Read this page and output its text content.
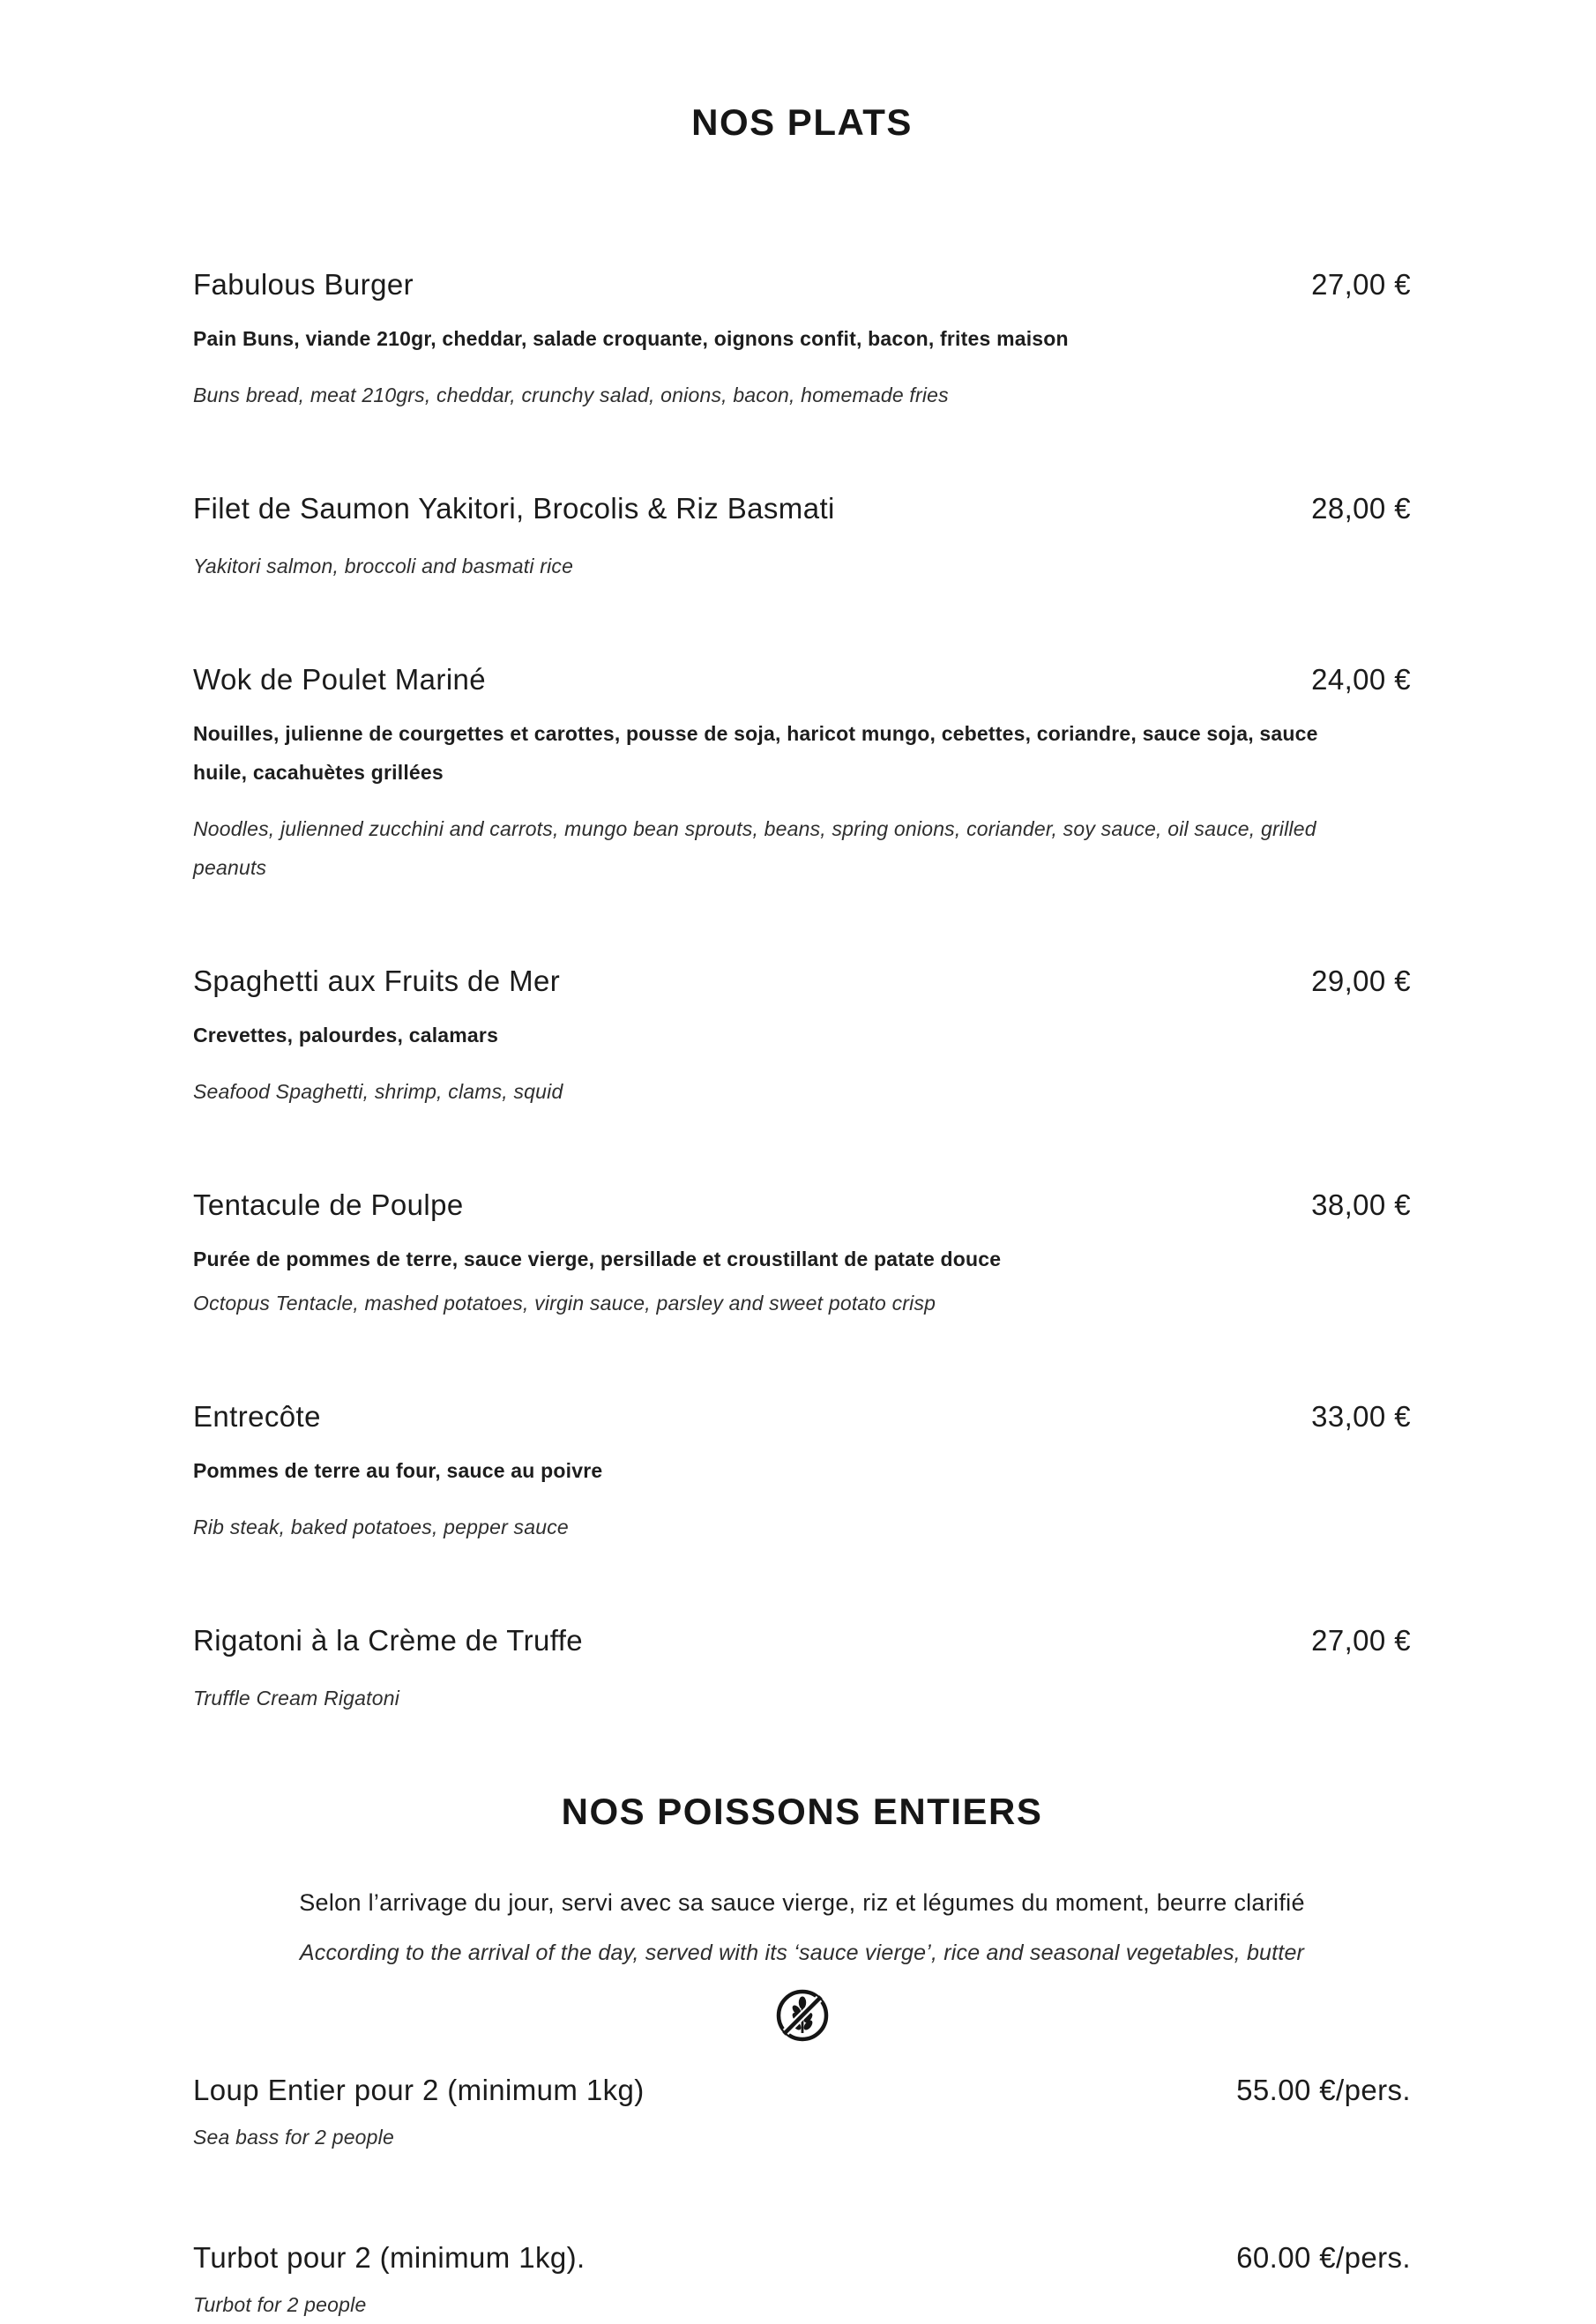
NOS PLATS
Fabulous Burger	27,00 €

Pain Buns, viande 210gr, cheddar, salade croquante, oignons confit, bacon, frites maison

Buns bread, meat 210grs, cheddar, crunchy salad, onions, bacon, homemade fries

Filet de Saumon Yakitori, Brocolis & Riz Basmati	28,00 €

Yakitori salmon, broccoli and basmati rice

Wok de Poulet Mariné	24,00 €

Nouilles, julienne de courgettes et carottes, pousse de soja, haricot mungo, cebettes, coriandre, sauce soja, sauce huile, cacahuètes grillées

Noodles, julienned zucchini and carrots, mungo bean sprouts, beans, spring onions, coriander, soy sauce, oil sauce, grilled peanuts

Spaghetti aux Fruits de Mer	29,00 €

Crevettes, palourdes, calamars

Seafood Spaghetti, shrimp, clams, squid

Tentacule de Poulpe	38,00 €

Purée de pommes de terre, sauce vierge, persillade et croustillant de patate douce

Octopus Tentacle, mashed potatoes, virgin sauce, parsley and sweet potato crisp

Entrecôte	33,00 €

Pommes de terre au four, sauce au poivre

Rib steak, baked potatoes, pepper sauce

Rigatoni à la Crème de Truffe	27,00 €

Truffle Cream Rigatoni

NOS POISSONS ENTIERS

Selon l’arrivage du jour, servi avec sa sauce vierge, riz et légumes du moment, beurre clarifié

According to the arrival of the day, served with its ‘sauce vierge’, rice and seasonal vegetables, butter

Loup Entier pour 2 (minimum 1kg)	55.00 €/pers.

Sea bass for 2 people

Turbot pour 2 (minimum 1kg).	60.00 €/pers.

Turbot for 2 people
